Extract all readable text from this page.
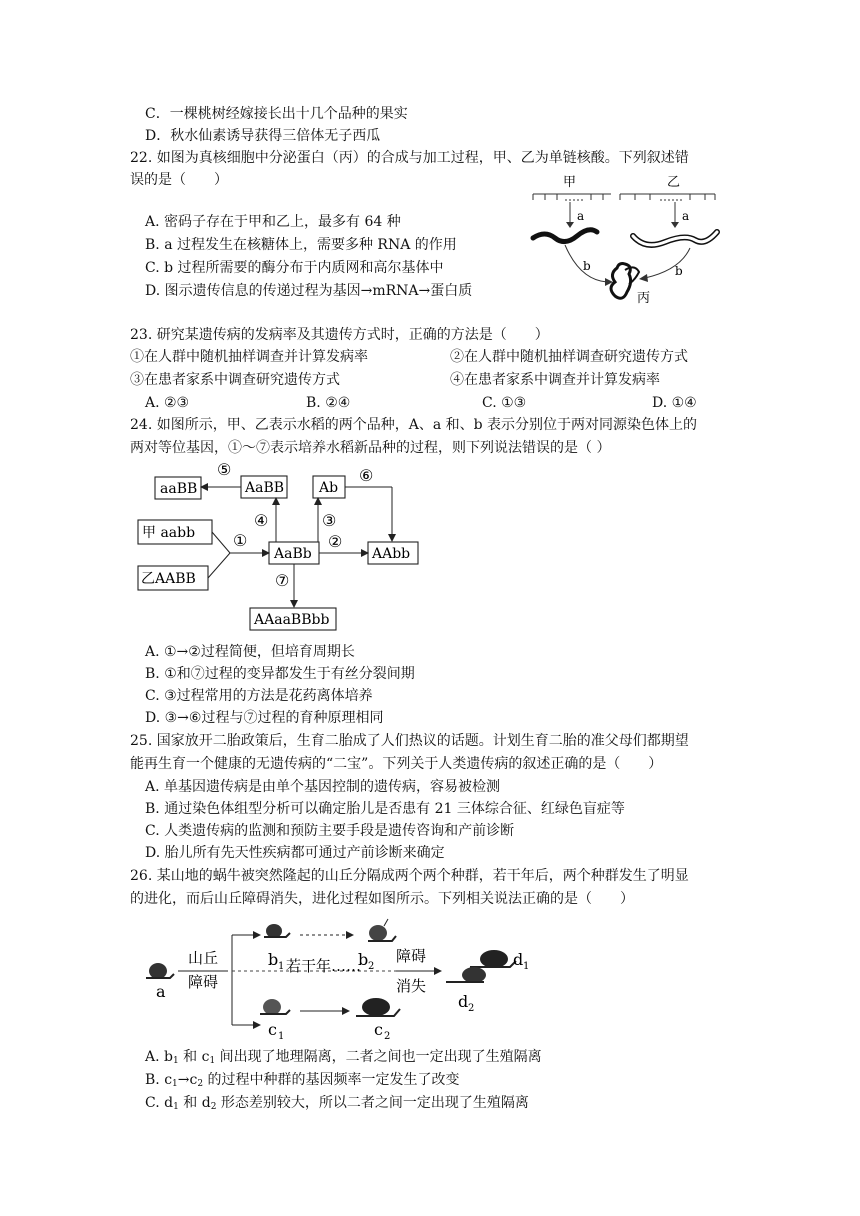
C．一棵桃树经嫁接长出十几个品种的果实
D．秋水仙素诱导获得三倍体无子西瓜
22. 如图为真核细胞中分泌蛋白（丙）的合成与加工过程，甲、乙为单链核酸。下列叙述错
误的是（　　）
A. 密码子存在于甲和乙上，最多有 64 种
B. a 过程发生在核糖体上，需要多种 RNA 的作用
C. b 过程所需要的酶分布于内质网和高尔基体中
D. 图示遗传信息的传递过程为基因→mRNA→蛋白质
甲	乙
a	a
b	b
丙
23. 研究某遗传病的发病率及其遗传方式时，正确的方法是（　　）
①在人群中随机抽样调查并计算发病率	②在人群中随机抽样调查研究遗传方式
③在患者家系中调查研究遗传方式	④在患者家系中调查并计算发病率
A. ②③	B. ②④	C. ①③	D. ①④
24. 如图所示，甲、乙表示水稻的两个品种，A、a 和、b 表示分别位于两对同源染色体上的
两对等位基因，①～⑦表示培养水稻新品种的过程，则下列说法错误的是（ ）
aaBB	AaBB Ab
甲 aabb
乙AABB
AaBb	AAbb
AAaaBBbb
⑤
①
④	③
②
⑥
⑦
A. ①→②过程简便，但培育周期长
B. ①和⑦过程的变异都发生于有丝分裂间期
C. ③过程常用的方法是花药离体培养
D. ③→⑥过程与⑦过程的育种原理相同
25. 国家放开二胎政策后，生育二胎成了人们热议的话题。计划生育二胎的准父母们都期望
能再生育一个健康的无遗传病的“二宝”。下列关于人类遗传病的叙述正确的是（　　）
A. 单基因遗传病是由单个基因控制的遗传病，容易被检测
B. 通过染色体组型分析可以确定胎儿是否患有 21 三体综合征、红绿色盲症等
C. 人类遗传病的监测和预防主要手段是遗传咨询和产前诊断
D. 胎儿所有先天性疾病都可通过产前诊断来确定
26. 某山地的蜗牛被突然隆起的山丘分隔成两个两个种群，若干年后，两个种群发生了明显
的进化，而后山丘障碍消失，进化过程如图所示。下列相关说法正确的是（　　）
a
山丘
障碍
b 1	b 2
若干年……
c 1	c 2
障碍
消失
d 1
d 2
A. $b_1$ 和 $c_1$ 间出现了地理隔离，二者之间也一定出现了生殖隔离
B. $c_1\to c_2$ 的过程中种群的基因频率一定发生了改变
C. $d_1$ 和 $d_2$ 形态差别较大，所以二者之间一定出现了生殖隔离
